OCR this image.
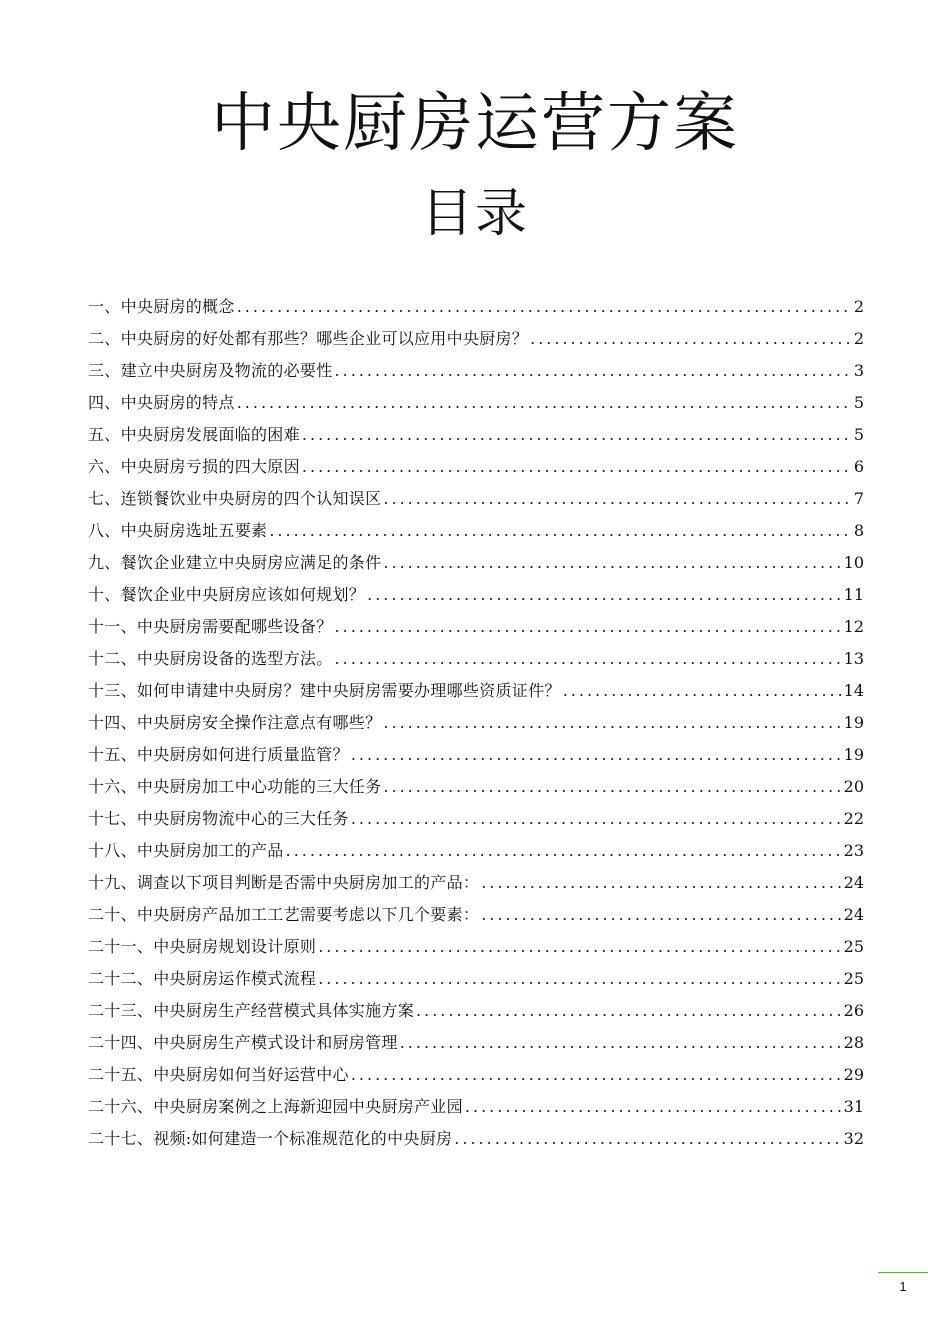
中央厨房运营方案
目录
一、中央厨房的概念 .....	2
二、中央厨房的好处都有那些？哪些企业可以应用中央厨房？ .....	2
三、建立中央厨房及物流的必要性 .....	3
四、中央厨房的特点 .....	5
五、中央厨房发展面临的困难 .....	5
六、中央厨房亏损的四大原因 .....	6
七、连锁餐饮业中央厨房的四个认知误区 .....	7
八、中央厨房选址五要素 .....	8
九、餐饮企业建立中央厨房应满足的条件 .....	10
十、餐饮企业中央厨房应该如何规划？ .....	11
十一、中央厨房需要配哪些设备？ .....	12
十二、中央厨房设备的选型方法。 .....	13
十三、如何申请建中央厨房？建中央厨房需要办理哪些资质证件？ .....	14
十四、中央厨房安全操作注意点有哪些？ .....	19
十五、中央厨房如何进行质量监管？ .....	19
十六、中央厨房加工中心功能的三大任务 .....	20
十七、中央厨房物流中心的三大任务 .....	22
十八、中央厨房加工的产品 .....	23
十九、调查以下项目判断是否需中央厨房加工的产品： .....	24
二十、中央厨房产品加工工艺需要考虑以下几个要素： .....	24
二十一、中央厨房规划设计原则 .....	25
二十二、中央厨房运作模式流程 .....	25
二十三、中央厨房生产经营模式具体实施方案 .....	26
二十四、中央厨房生产模式设计和厨房管理 .....	28
二十五、中央厨房如何当好运营中心 .....	29
二十六、中央厨房案例之上海新迎园中央厨房产业园 .....	31
二十七、视频:如何建造一个标准规范化的中央厨房 .....	32
1
